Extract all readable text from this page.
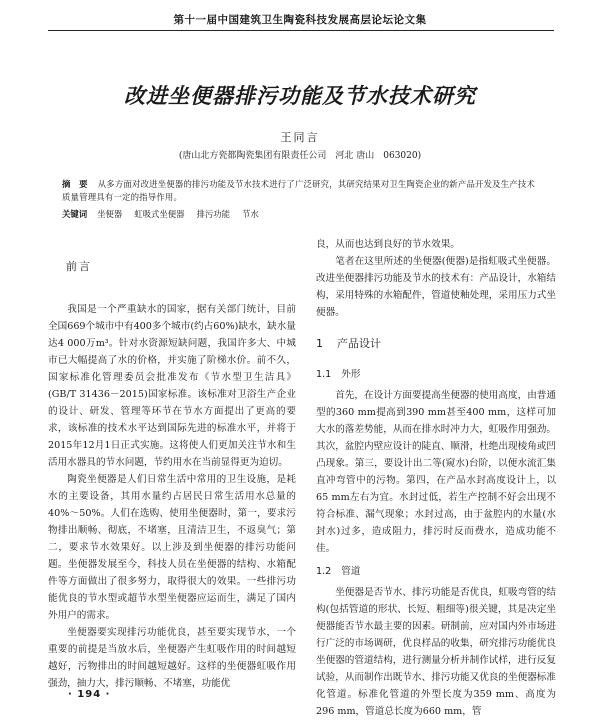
第十一届中国建筑卫生陶瓷科技发展高层论坛论文集
改进坐便器排污功能及节水技术研究
王同言
(唐山北方瓷都陶瓷集团有限责任公司　河北 唐山　063020)
摘　要 从多方面对改进坐便器的排污功能及节水技术进行了广泛研究，其研究结果对卫生陶瓷企业的新产品开发及生产技术质量管理具有一定的指导作用。
关键词 坐便器 虹吸式坐便器 排污功能 节水
前言

我国是一个严重缺水的国家，据有关部门统计，目前全国669个城市中有400多个城市(约占60%)缺水，缺水量达4 000万m³。针对水资源短缺问题，我国许多大、中城市已大幅提高了水的价格，并实施了阶梯水价。前不久，国家标准化管理委员会批准发布《节水型卫生洁具》(GB/T 31436－2015)国家标准。该标准对卫浴生产企业的设计、研发、管理等环节在节水方面提出了更高的要求，该标准的技术水平达到国际先进的标准水平，并将于2015年12月1日正式实施。这将使人们更加关注节水和生活用水器具的节水问题，节约用水在当前显得更为迫切。

陶瓷坐便器是人们日常生活中常用的卫生设施，是耗水的主要设备，其用水量约占居民日常生活用水总量的40%～50%。人们在选购、使用坐便器时，第一，要求污物排出顺畅、彻底，不堵塞，且清洁卫生，不返臭气；第二，要求节水效果好。以上涉及到坐便器的排污功能问题。坐便器发展至今，科技人员在坐便器的结构、水箱配件等方面做出了很多努力，取得很大的效果。一些排污功能优良的节水型或超节水型坐便器应运而生，满足了国内外用户的需求。

坐便器要实现排污功能优良，甚至要实现节水，一个重要的前提是当放水后，坐便器产生虹吸作用的时间越短越好，污物排出的时间越短越好。这样的坐便器虹吸作用强劲，抽力大，排污顺畅、不堵塞，功能优

良，从而也达到良好的节水效果。

笔者在这里所述的坐便器(便器)是指虹吸式坐便器。改进坐便器排污功能及节水的技术有：产品设计，水箱结构，采用特殊的水箱配件，管道使釉处理，采用压力式坐便器。

1 产品设计
1.1 外形

首先，在设计方面要提高坐便器的使用高度，由普通型的360 mm提高到390 mm甚至400 mm，这样可加大水的落差势能，从而在排水时冲力大，虹吸作用强劲。其次，盆腔内壁应设计的陡直、顺滑，杜绝出现棱角或凹凸现象。第三，要设计出二等(窥水)台阶，以便水流汇集直冲弯管中的污物。第四，在产品水封高度设计上，以65 mm左右为宜。水封过低，若生产控制不好会出现不符合标准、漏气现象；水封过高，由于盆腔内的水量(水封水)过多，造成阻力，排污时反而费水，造成功能不佳。

1.2 管道

坐便器是否节水、排污功能是否优良，虹吸弯管的结构(包括管道的形状、长短、粗细等)很关键，其是决定坐便器能否节水最主要的因素。研制前，应对国内外市场进行广泛的市场调研，优良样品的收集，研究排污功能优良坐便器的管道结构，进行测量分析并制作试样，进行反复试验，从而制作出既节水、排污功能又优良的坐便器标准化管道。标准化管道的外型长度为359 mm、高度为296 mm，管道总长度为660 mm，管

· 194 ·
